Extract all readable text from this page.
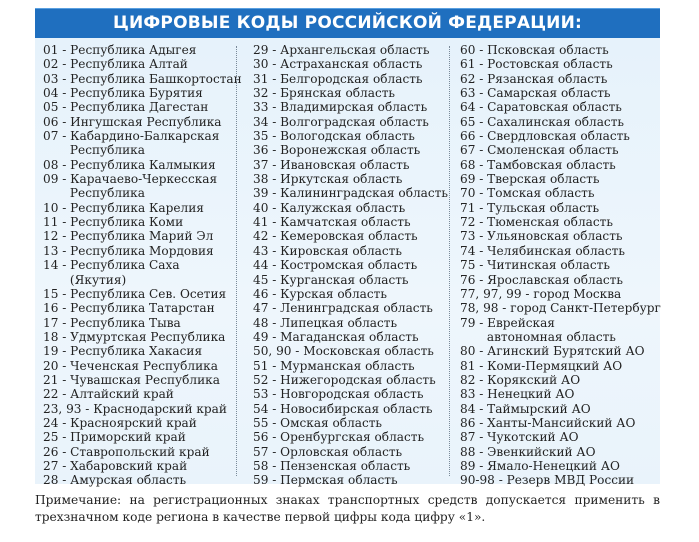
ЦИФРОВЫЕ КОДЫ РОССИЙСКОЙ ФЕДЕРАЦИИ:
01 - Республика Адыгея
02 - Республика Алтай
03 - Республика Башкортостан
04 - Республика Бурятия
05 - Республика Дагестан
06 - Ингушская Республика
07 - Кабардино-Балкарская
Республика
08 - Республика Калмыкия
09 - Карачаево-Черкесская
Республика
10 - Республика Карелия
11 - Республика Коми
12 - Республика Марий Эл
13 - Республика Мордовия
14 - Республика Саха
(Якутия)
15 - Республика Сев. Осетия
16 - Республика Татарстан
17 - Республика Тыва
18 - Удмуртская Республика
19 - Республика Хакасия
20 - Чеченская Республика
21 - Чувашская Республика
22 - Алтайский край
23, 93 - Краснодарский край
24 - Красноярский край
25 - Приморский край
26 - Ставропольский край
27 - Хабаровский край
28 - Амурская область
29 - Архангельская область
30 - Астраханская область
31 - Белгородская область
32 - Брянская область
33 - Владимирская область
34 - Волгоградская область
35 - Вологодская область
36 - Воронежская область
37 - Ивановская область
38 - Иркутская область
39 - Калининградская область
40 - Калужская область
41 - Камчатская область
42 - Кемеровская область
43 - Кировская область
44 - Костромская область
45 - Курганская область
46 - Курская область
47 - Ленинградская область
48 - Липецкая область
49 - Магаданская область
50, 90 - Московская область
51 - Мурманская область
52 - Нижегородская область
53 - Новгородская область
54 - Новосибирская область
55 - Омская область
56 - Оренбургская область
57 - Орловская область
58 - Пензенская область
59 - Пермская область
60 - Псковская область
61 - Ростовская область
62 - Рязанская область
63 - Самарская область
64 - Саратовская область
65 - Сахалинская область
66 - Свердловская область
67 - Смоленская область
68 - Тамбовская область
69 - Тверская область
70 - Томская область
71 - Тульская область
72 - Тюменская область
73 - Ульяновская область
74 - Челябинская область
75 - Читинская область
76 - Ярославская область
77, 97, 99 - город Москва
78, 98 - город Санкт-Петербург
79 - Еврейская
автономная область
80 - Агинский Бурятский АО
81 - Коми-Пермяцкий АО
82 - Корякский АО
83 - Ненецкий АО
84 - Таймырский АО
86 - Ханты-Мансийский АО
87 - Чукотский АО
88 - Эвенкийский АО
89 - Ямало-Ненецкий АО
90-98 - Резерв МВД России
Примечание: на регистрационных знаках транспортных средств допускается применить в трехзначном коде региона в качестве первой цифры кода цифру «1».
